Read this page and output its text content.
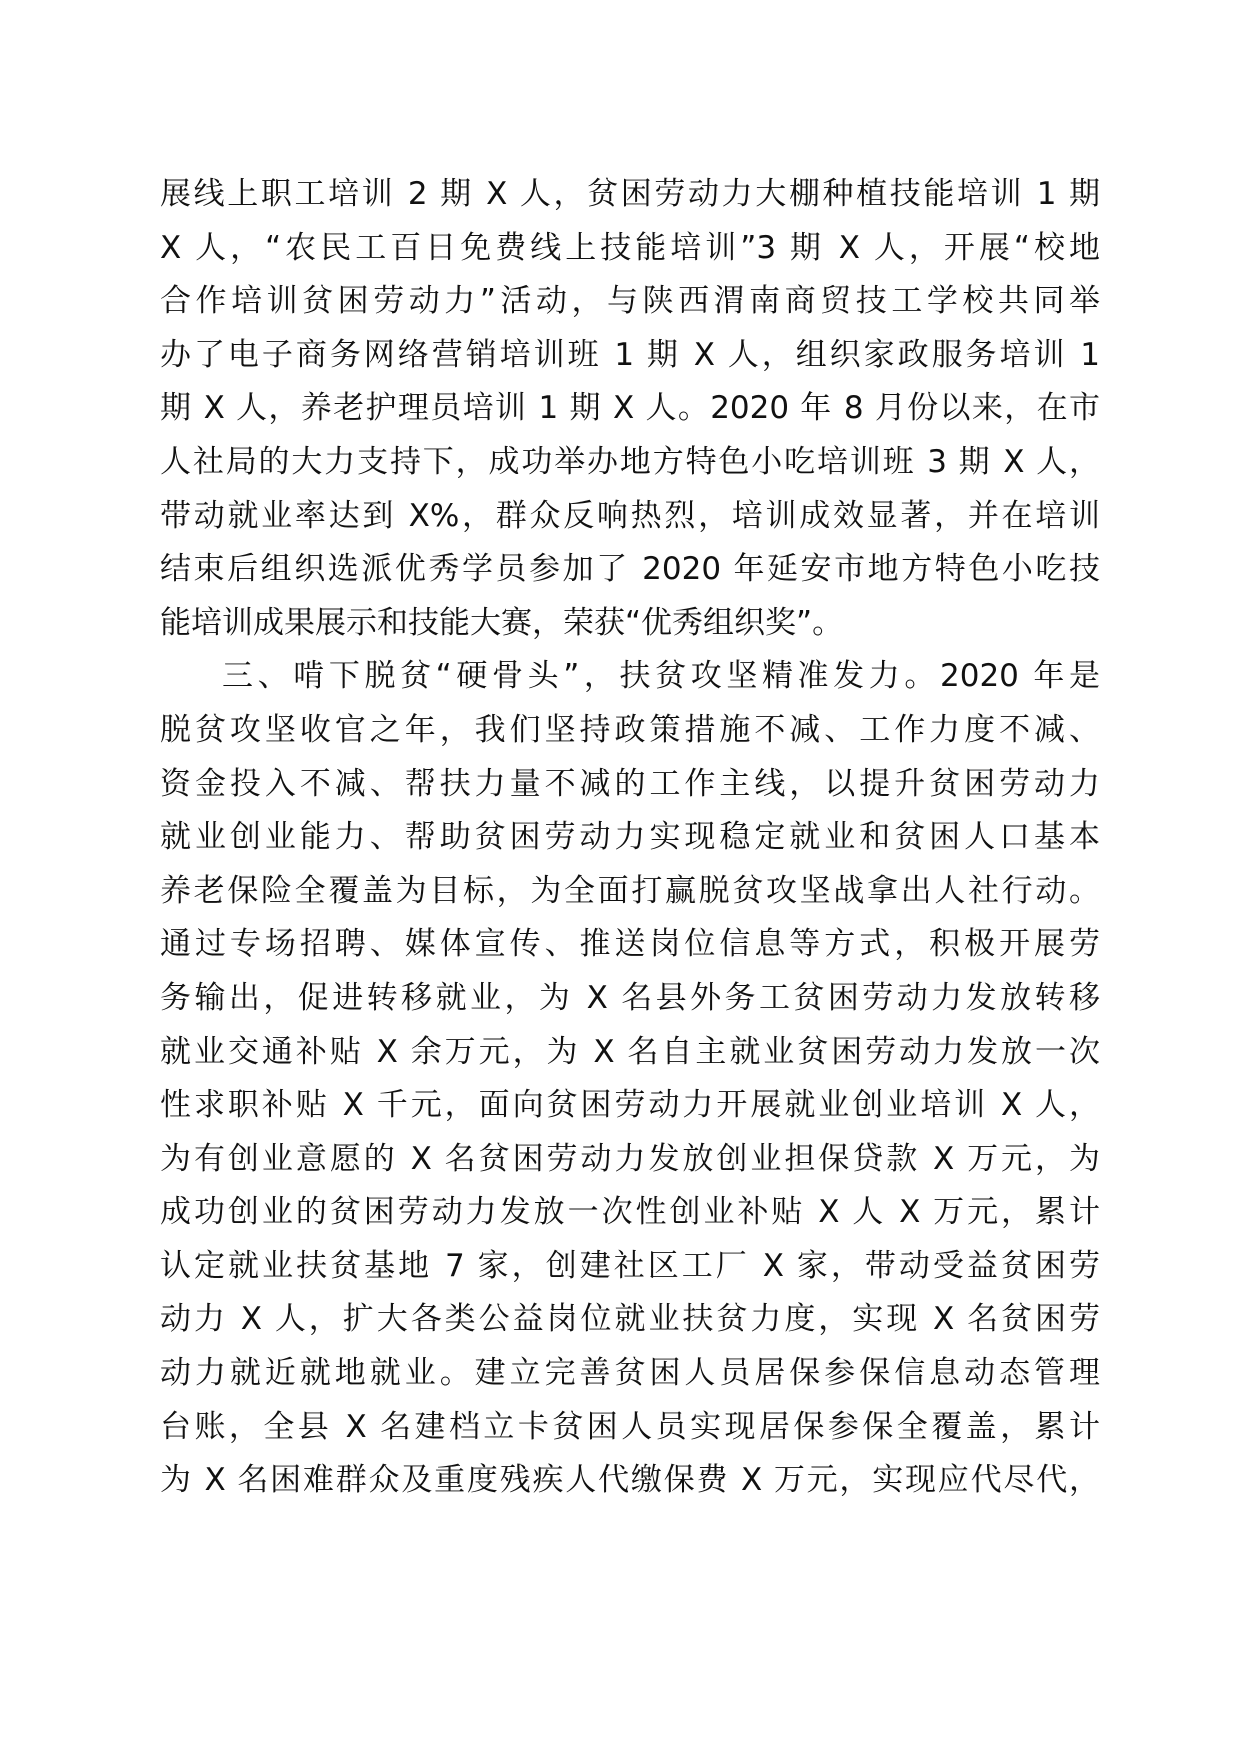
展线上职工培训 2 期 X 人，贫困劳动力大棚种植技能培训 1 期
X 人，“农民工百日免费线上技能培训”3 期 X 人，开展“校地
合作培训贫困劳动力”活动，与陕西渭南商贸技工学校共同举
办了电子商务网络营销培训班 1 期 X 人，组织家政服务培训 1
期 X 人，养老护理员培训 1 期 X 人。2020 年 8 月份以来，在市
人社局的大力支持下，成功举办地方特色小吃培训班 3 期 X 人，
带动就业率达到 X%，群众反响热烈，培训成效显著，并在培训
结束后组织选派优秀学员参加了 2020 年延安市地方特色小吃技
能培训成果展示和技能大赛，荣获“优秀组织奖”。
三、啃下脱贫“硬骨头”，扶贫攻坚精准发力。2020 年是
脱贫攻坚收官之年，我们坚持政策措施不减、工作力度不减、
资金投入不减、帮扶力量不减的工作主线，以提升贫困劳动力
就业创业能力、帮助贫困劳动力实现稳定就业和贫困人口基本
养老保险全覆盖为目标，为全面打赢脱贫攻坚战拿出人社行动。
通过专场招聘、媒体宣传、推送岗位信息等方式，积极开展劳
务输出，促进转移就业，为 X 名县外务工贫困劳动力发放转移
就业交通补贴 X 余万元，为 X 名自主就业贫困劳动力发放一次
性求职补贴 X 千元，面向贫困劳动力开展就业创业培训 X 人，
为有创业意愿的 X 名贫困劳动力发放创业担保贷款 X 万元，为
成功创业的贫困劳动力发放一次性创业补贴 X 人 X 万元，累计
认定就业扶贫基地 7 家，创建社区工厂 X 家，带动受益贫困劳
动力 X 人，扩大各类公益岗位就业扶贫力度，实现 X 名贫困劳
动力就近就地就业。建立完善贫困人员居保参保信息动态管理
台账，全县 X 名建档立卡贫困人员实现居保参保全覆盖，累计
为 X 名困难群众及重度残疾人代缴保费 X 万元，实现应代尽代，
